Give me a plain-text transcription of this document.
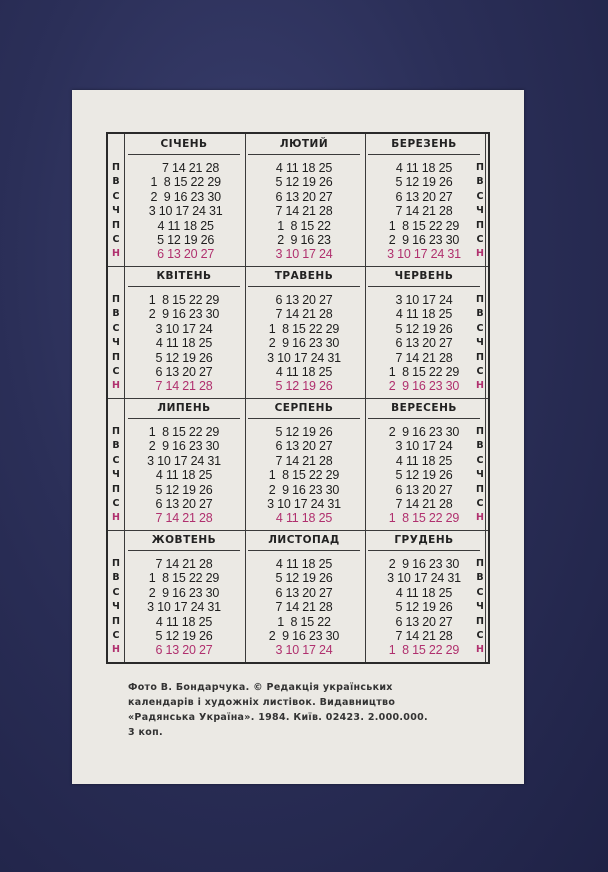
П
В
С
Ч
П
С
Н
П
В
С
Ч
П
С
Н
СІЧЕНЬ
7 14 21 28
1  8 15 22 29
2  9 16 23 30
3 10 17 24 31
4 11 18 25
5 12 19 26
6 13 20 27
ЛЮТИЙ
4 11 18 25
5 12 19 26
6 13 20 27
7 14 21 28
1  8 15 22
2  9 16 23
3 10 17 24
БЕРЕЗЕНЬ
4 11 18 25
5 12 19 26
6 13 20 27
7 14 21 28
1  8 15 22 29
2  9 16 23 30
3 10 17 24 31
П
В
С
Ч
П
С
Н
П
В
С
Ч
П
С
Н
КВІТЕНЬ
1  8 15 22 29
2  9 16 23 30
3 10 17 24
4 11 18 25
5 12 19 26
6 13 20 27
7 14 21 28
ТРАВЕНЬ
6 13 20 27
7 14 21 28
1  8 15 22 29
2  9 16 23 30
3 10 17 24 31
4 11 18 25
5 12 19 26
ЧЕРВЕНЬ
3 10 17 24
4 11 18 25
5 12 19 26
6 13 20 27
7 14 21 28
1  8 15 22 29
2  9 16 23 30
П
В
С
Ч
П
С
Н
П
В
С
Ч
П
С
Н
ЛИПЕНЬ
1  8 15 22 29
2  9 16 23 30
3 10 17 24 31
4 11 18 25
5 12 19 26
6 13 20 27
7 14 21 28
СЕРПЕНЬ
5 12 19 26
6 13 20 27
7 14 21 28
1  8 15 22 29
2  9 16 23 30
3 10 17 24 31
4 11 18 25
ВЕРЕСЕНЬ
2  9 16 23 30
3 10 17 24
4 11 18 25
5 12 19 26
6 13 20 27
7 14 21 28
1  8 15 22 29
П
В
С
Ч
П
С
Н
П
В
С
Ч
П
С
Н
ЖОВТЕНЬ
7 14 21 28
1  8 15 22 29
2  9 16 23 30
3 10 17 24 31
4 11 18 25
5 12 19 26
6 13 20 27
ЛИСТОПАД
4 11 18 25
5 12 19 26
6 13 20 27
7 14 21 28
1  8 15 22
2  9 16 23 30
3 10 17 24
ГРУДЕНЬ
2  9 16 23 30
3 10 17 24 31
4 11 18 25
5 12 19 26
6 13 20 27
7 14 21 28
1  8 15 22 29
Фото В. Бондарчука. © Редакція українських
календарів і художніх листівок. Видавництво
«Радянська Україна». 1984. Київ. 02423. 2.000.000.
3 коп.
